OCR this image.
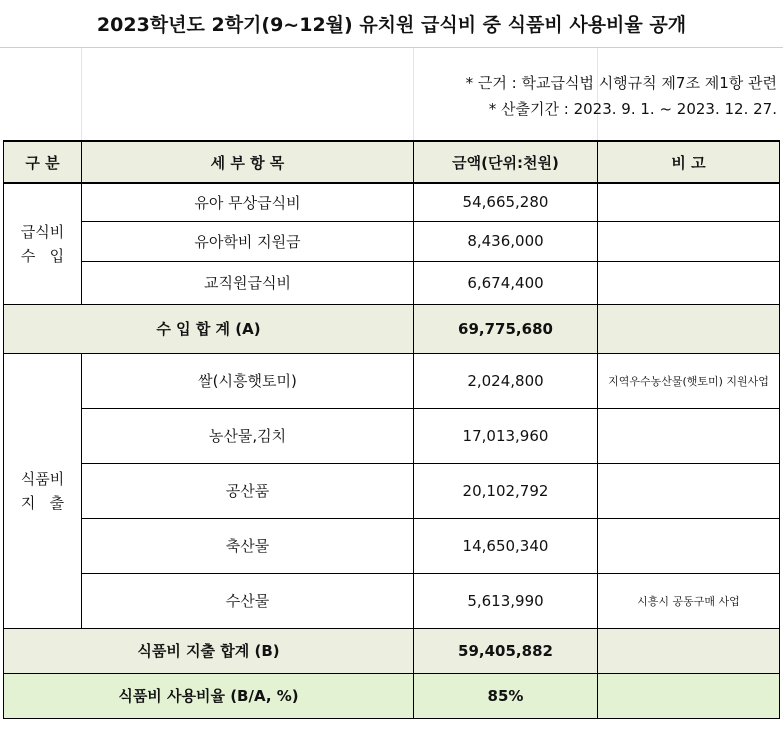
2023학년도 2학기(9~12월) 유치원 급식비 중 식품비 사용비율 공개
* 근거 : 학교급식법 시행규칙 제7조 제1항 관련
* 산출기간 : 2023. 9. 1. ~ 2023. 12. 27.
구 분	세 부 항 목	금액(단위:천원)	비 고

급식비
수   입	유아 무상급식비	54,665,280	
	유아학비 지원금	8,436,000	
	교직원급식비	6,674,400	
수 입 합 계 (A)		69,775,680	

식품비
지   출	쌀(시흥햇토미)	2,024,800	지역우수농산물(햇토미) 지원사업
	농산물,김치	17,013,960	
	공산품	20,102,792	
	축산물	14,650,340	
	수산물	5,613,990	시흥시 공동구매 사업
식품비 지출 합계 (B)		59,405,882	
식품비 사용비율 (B/A, %)		85%	
